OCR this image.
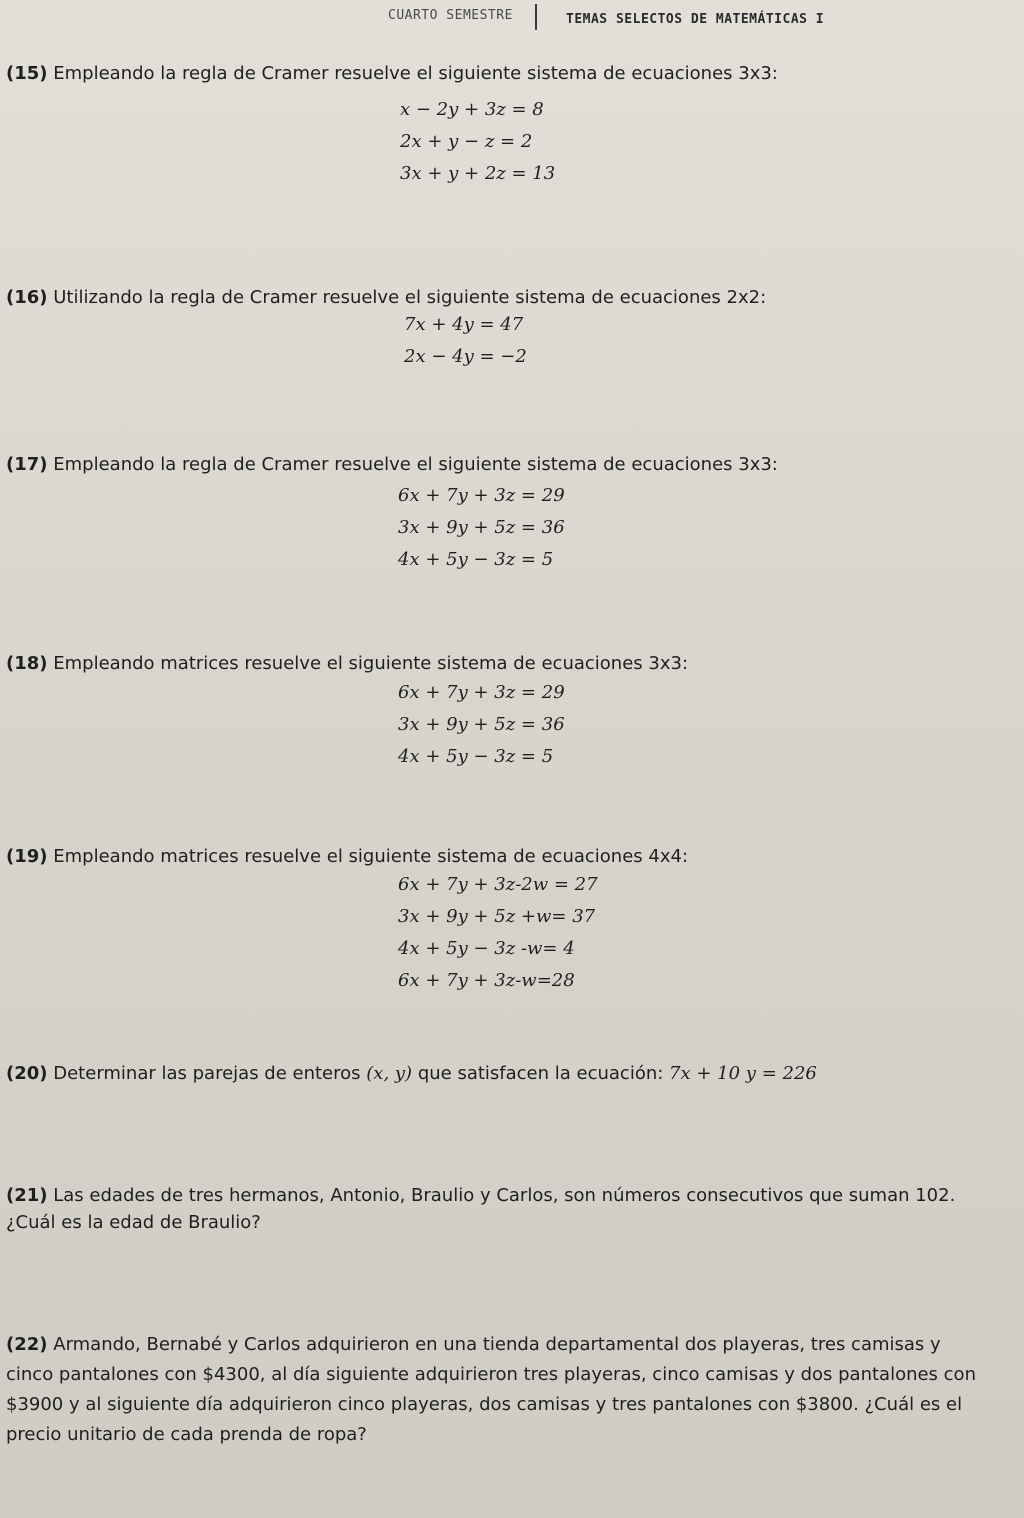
CUARTO SEMESTRE	TEMAS SELECTOS DE MATEMÁTICAS I
(15) Empleando la regla de Cramer resuelve el siguiente sistema de ecuaciones 3x3:
x − 2y + 3z = 8
2x + y − z = 2
3x + y + 2z = 13
(16) Utilizando la regla de Cramer resuelve el siguiente sistema de ecuaciones 2x2:
7x + 4y = 47
2x − 4y = −2
(17) Empleando la regla de Cramer resuelve el siguiente sistema de ecuaciones 3x3:
6x + 7y + 3z = 29
3x + 9y + 5z = 36
4x + 5y − 3z = 5
(18) Empleando matrices resuelve el siguiente sistema de ecuaciones 3x3:
6x + 7y + 3z = 29
3x + 9y + 5z = 36
4x + 5y − 3z = 5
(19) Empleando matrices resuelve el siguiente sistema de ecuaciones 4x4:
6x + 7y + 3z-2w = 27
3x + 9y + 5z +w= 37
4x + 5y − 3z -w= 4
6x + 7y + 3z-w=28
(20) Determinar las parejas de enteros (x, y) que satisfacen la ecuación: 7x + 10 y = 226
(21) Las edades de tres hermanos, Antonio, Braulio y Carlos, son números consecutivos que suman 102.
¿Cuál es la edad de Braulio?
(22) Armando, Bernabé y Carlos adquirieron en una tienda departamental dos playeras, tres camisas y
cinco pantalones con $4300, al día siguiente adquirieron tres playeras, cinco camisas y dos pantalones con
$3900 y al siguiente día adquirieron cinco playeras, dos camisas y tres pantalones con $3800. ¿Cuál es el
precio unitario de cada prenda de ropa?
